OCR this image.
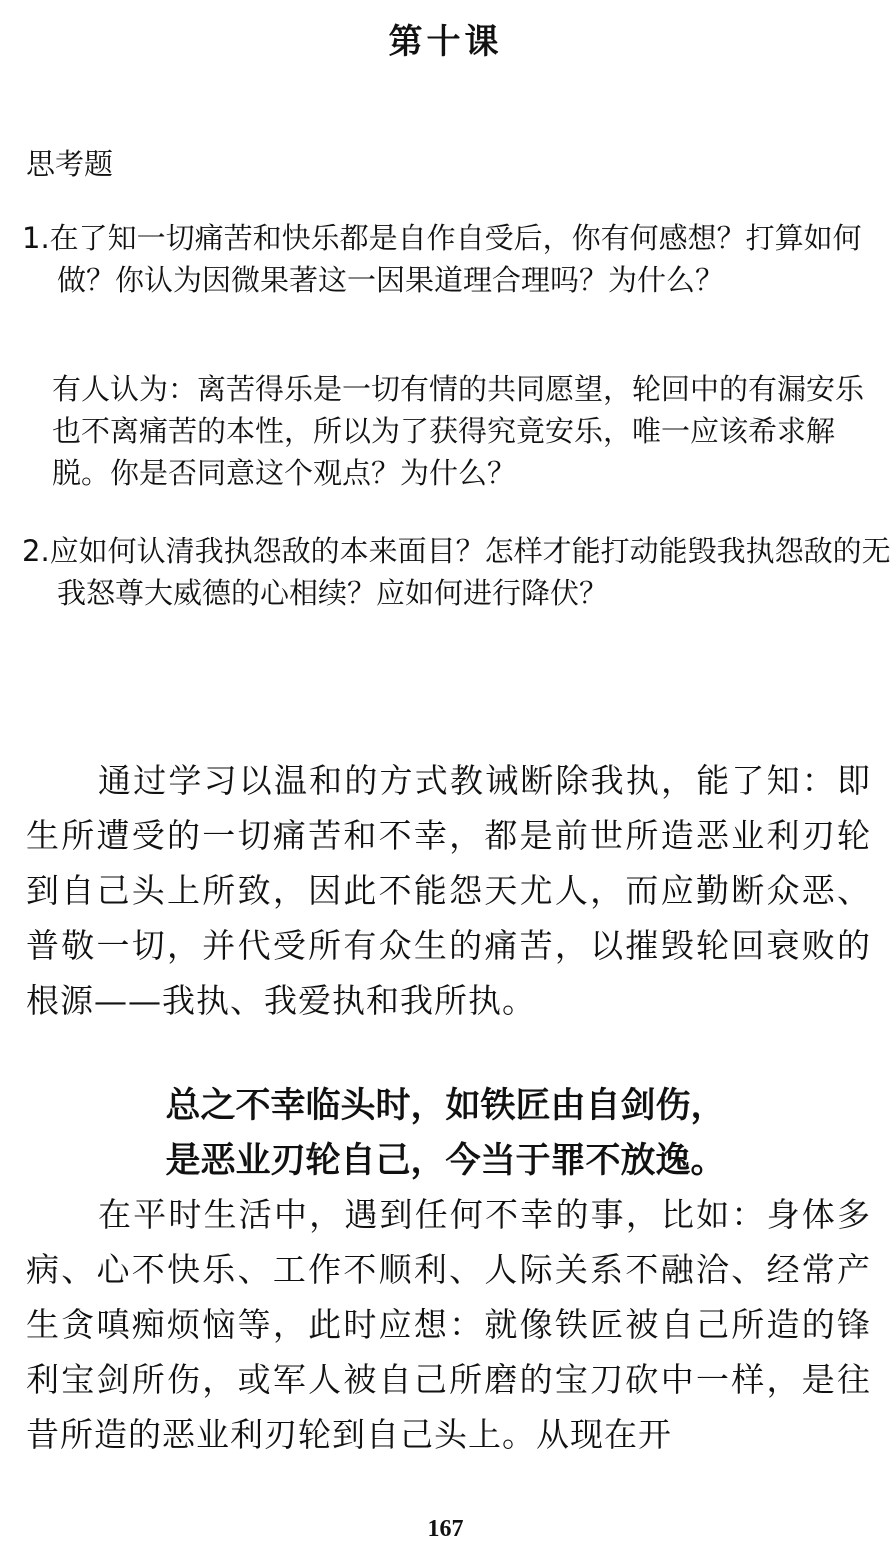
第十课
思考题
1.在了知一切痛苦和快乐都是自作自受后，你有何感想？打算如何做？你认为因微果著这一因果道理合理吗？为什么？
有人认为：离苦得乐是一切有情的共同愿望，轮回中的有漏安乐也不离痛苦的本性，所以为了获得究竟安乐，唯一应该希求解脱。你是否同意这个观点？为什么？
2.应如何认清我执怨敌的本来面目？怎样才能打动能毁我执怨敌的无我怒尊大威德的心相续？应如何进行降伏？
通过学习以温和的方式教诫断除我执，能了知：即生所遭受的一切痛苦和不幸，都是前世所造恶业利刃轮到自己头上所致，因此不能怨天尤人，而应勤断众恶、普敬一切，并代受所有众生的痛苦，以摧毁轮回衰败的根源——我执、我爱执和我所执。
总之不幸临头时，如铁匠由自剑伤，
是恶业刃轮自己，今当于罪不放逸。
在平时生活中，遇到任何不幸的事，比如：身体多病、心不快乐、工作不顺利、人际关系不融洽、经常产生贪嗔痴烦恼等，此时应想：就像铁匠被自己所造的锋利宝剑所伤，或军人被自己所磨的宝刀砍中一样，是往昔所造的恶业利刃轮到自己头上。从现在开
167
